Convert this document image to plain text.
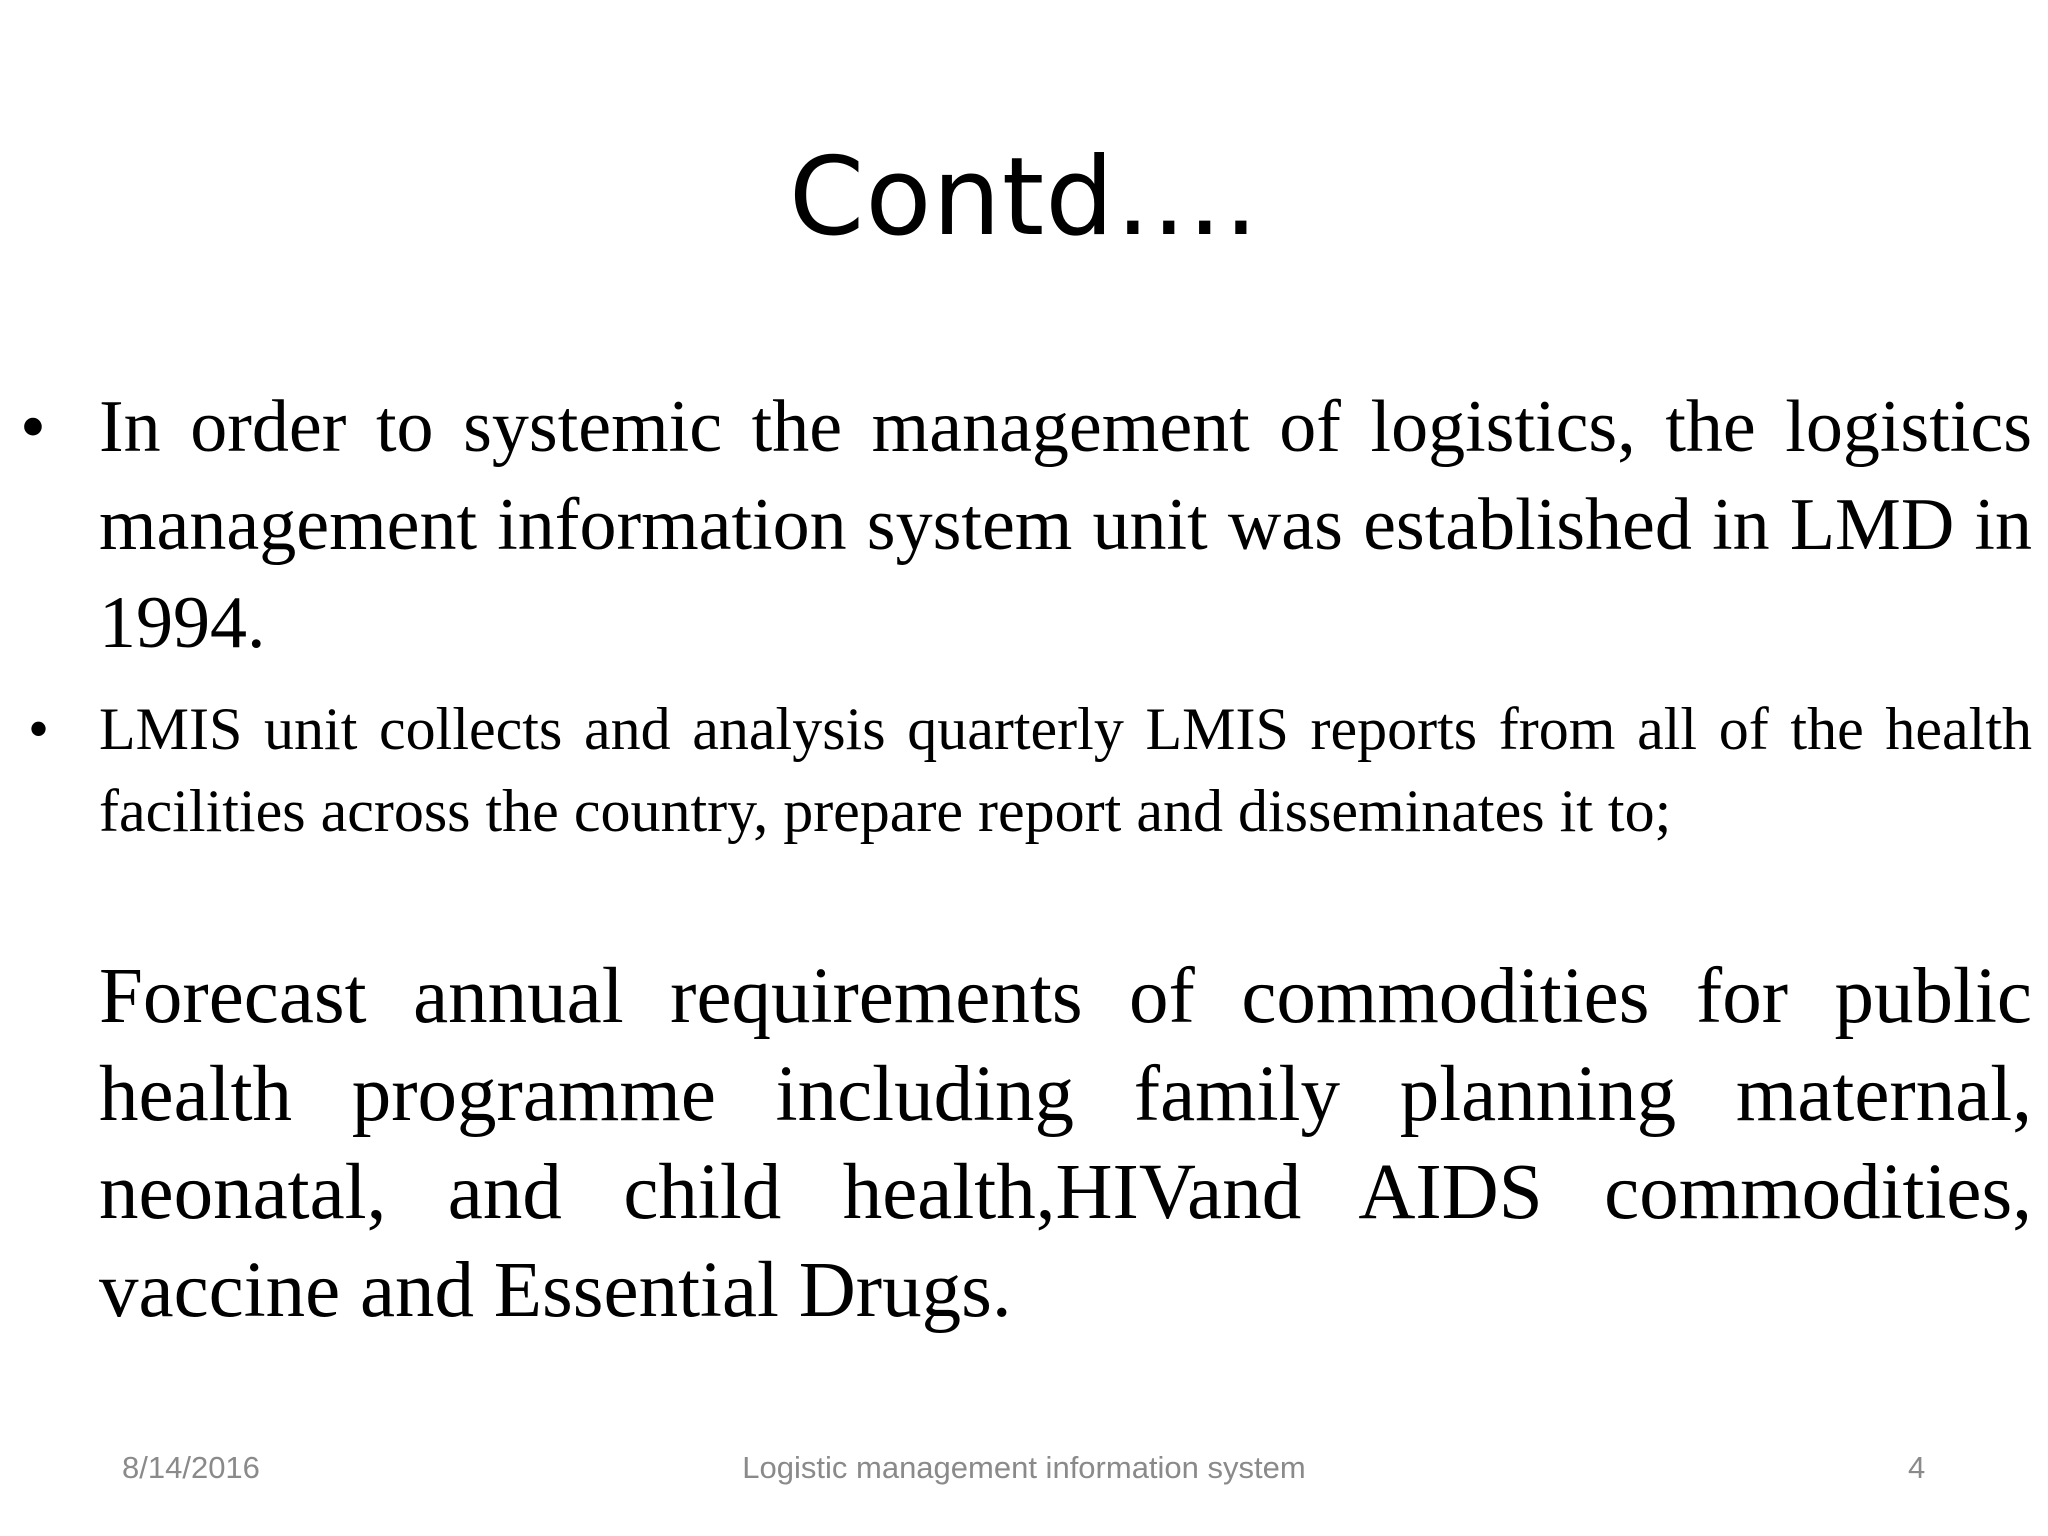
Contd….
• In order to systemic the management of logistics, the logistics management information system unit was established in LMD in 1994.
• LMIS unit collects and analysis quarterly LMIS reports from all of the health facilities across the country, prepare report and disseminates it to;
Forecast annual requirements of commodities for public health programme including family planning maternal, neonatal, and child health,HIVand AIDS commodities, vaccine and Essential Drugs.
8/14/2016	Logistic management information system	4
